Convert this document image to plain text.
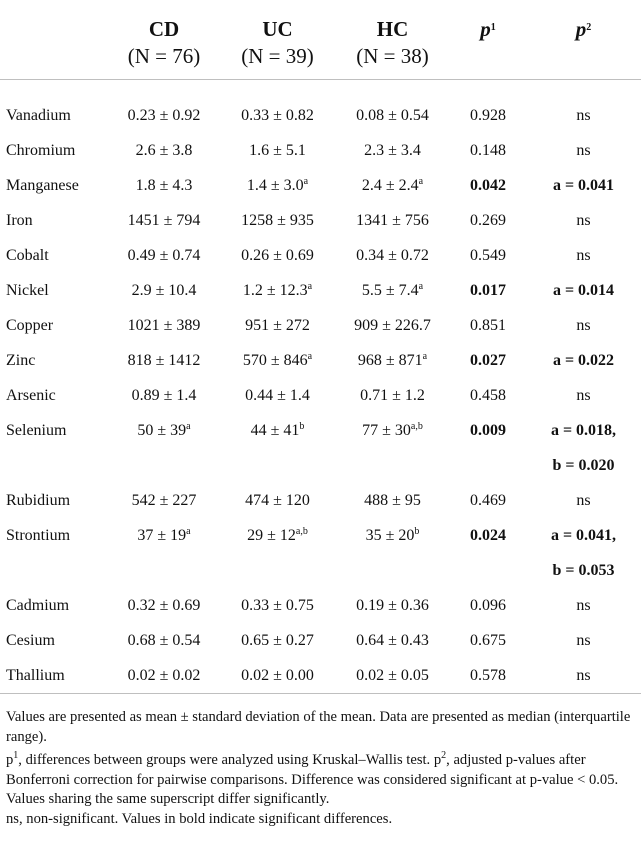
	CD	UC	HC	$p^1$	$p^2$
	(N = 76)	(N = 39)	(N = 38)		

Vanadium	0.23 ± 0.92	0.33 ± 0.82	0.08 ± 0.54	0.928	ns
Chromium	2.6 ± 3.8	1.6 ± 5.1	2.3 ± 3.4	0.148	ns
Manganese	1.8 ± 4.3	1.4 ± 3.0$^a$	2.4 ± 2.4$^a$	0.042	a = 0.041
Iron	1451 ± 794	1258 ± 935	1341 ± 756	0.269	ns
Cobalt	0.49 ± 0.74	0.26 ± 0.69	0.34 ± 0.72	0.549	ns
Nickel	2.9 ± 10.4	1.2 ± 12.3$^a$	5.5 ± 7.4$^a$	0.017	a = 0.014
Copper	1021 ± 389	951 ± 272	909 ± 226.7	0.851	ns
Zinc	818 ± 1412	$570 \pm 846^a$	$968 \pm 871^a$	0.027	a = 0.022
Arsenic	0.89 ± 1.4	0.44 ± 1.4	0.71 ± 1.2	0.458	ns
Selenium	$50 \pm 39^a$	$44 \pm 41^b$	$77 \pm 30^{a,b}$	0.009	a = 0.018,
					b = 0.020
Rubidium	542 ± 227	474 ± 120	488 ± 95	0.469	ns
Strontium	$37 \pm 19^a$	$29 \pm 12^{a,b}$	$35 \pm 20^b$	0.024	a = 0.041,
					b = 0.053
Cadmium	0.32 ± 0.69	0.33 ± 0.75	0.19 ± 0.36	0.096	ns
Cesium	0.68 ± 0.54	0.65 ± 0.27	0.64 ± 0.43	0.675	ns
Thallium	0.02 ± 0.02	0.02 ± 0.00	0.02 ± 0.05	0.578	ns

Values are presented as mean ± standard deviation of the mean. Data are presented as median (interquartile range).

$p^1$, differences between groups were analyzed using Kruskal–Wallis test. $p^2$, adjusted p-values after Bonferroni correction for pairwise comparisons. Difference was considered significant at p-value < 0.05. Values sharing the same superscript differ significantly.

ns, non-significant. Values in bold indicate significant differences.
